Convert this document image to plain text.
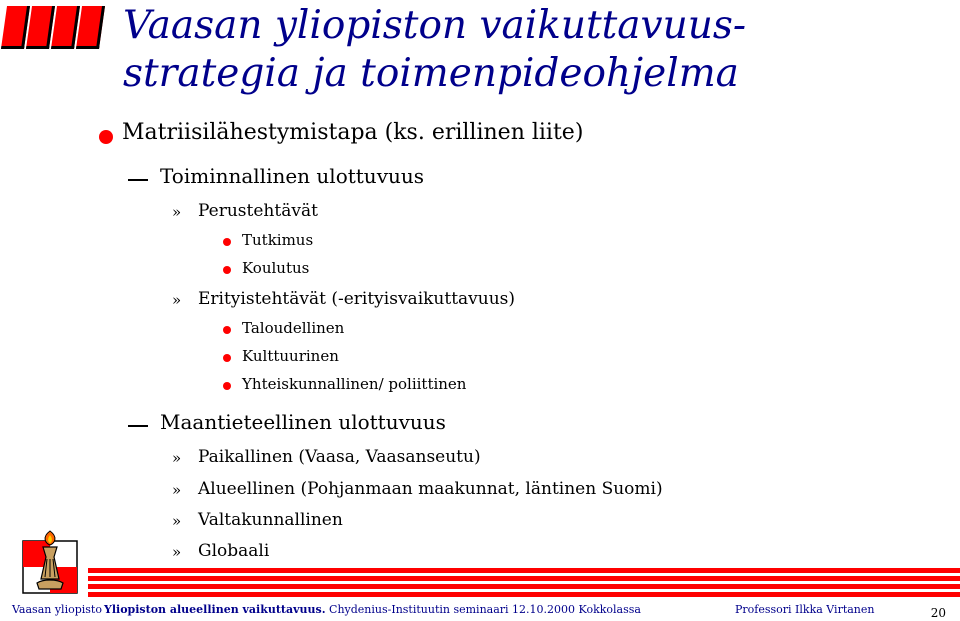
Vaasan yliopiston vaikuttavuus-
strategia ja toimenpideohjelma
Matriisilähestymistapa (ks. erillinen liite)
Toiminnallinen ulottuvuus
» Perustehtävät
Tutkimus
Koulutus
» Erityistehtävät (-erityisvaikuttavuus)
Taloudellinen
Kulttuurinen
Yhteiskunnallinen/ poliittinen
Maantieteellinen ulottuvuus
» Paikallinen (Vaasa, Vaasanseutu)
» Alueellinen (Pohjanmaan maakunnat, läntinen Suomi)
» Valtakunnallinen
» Globaali
Vaasan yliopisto Yliopiston alueellinen vaikuttavuus. Chydenius-Instituutin seminaari 12.10.2000 Kokkolassa	Professori Ilkka Virtanen	20
